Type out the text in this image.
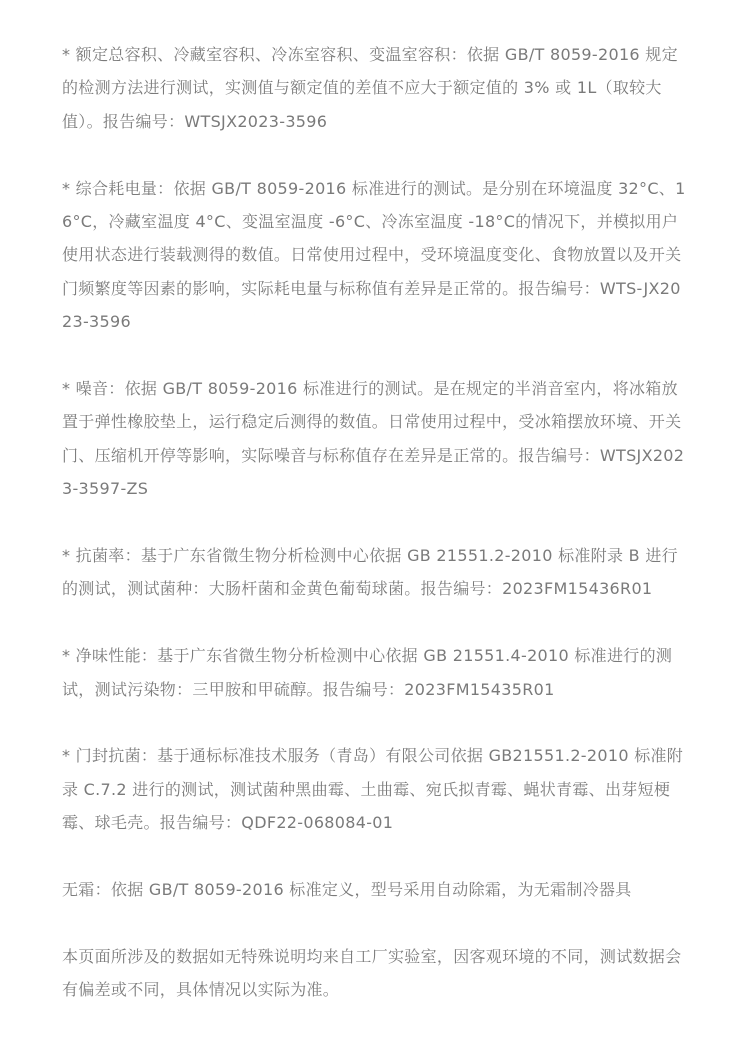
* 额定总容积、冷藏室容积、冷冻室容积、变温室容积：依据 GB/T 8059-2016 规定的检测方法进行测试，实测值与额定值的差值不应大于额定值的 3% 或 1L（取较大值）。报告编号：WTSJX2023-3596

* 综合耗电量：依据 GB/T 8059-2016 标准进行的测试。是分别在环境温度 32°C、16°C，冷藏室温度 4°C、变温室温度 -6°C、冷冻室温度 -18°C的情况下，并模拟用户使用状态进行装载测得的数值。日常使用过程中，受环境温度变化、食物放置以及开关门频繁度等因素的影响，实际耗电量与标称值有差异是正常的。报告编号：WTS-JX2023-3596

* 噪音：依据 GB/T 8059-2016 标准进行的测试。是在规定的半消音室内，将冰箱放置于弹性橡胶垫上，运行稳定后测得的数值。日常使用过程中，受冰箱摆放环境、开关门、压缩机开停等影响，实际噪音与标称值存在差异是正常的。报告编号：WTSJX2023-3597-ZS

* 抗菌率：基于广东省微生物分析检测中心依据 GB 21551.2-2010 标准附录 B 进行的测试，测试菌种：大肠杆菌和金黄色葡萄球菌。报告编号：2023FM15436R01

* 净味性能：基于广东省微生物分析检测中心依据 GB 21551.4-2010 标准进行的测试，测试污染物：三甲胺和甲硫醇。报告编号：2023FM15435R01

* 门封抗菌：基于通标标准技术服务（青岛）有限公司依据 GB21551.2-2010 标准附录 C.7.2 进行的测试，测试菌种黑曲霉、土曲霉、宛氏拟青霉、蝇状青霉、出芽短梗霉、球毛壳。报告编号：QDF22-068084-01

无霜：依据 GB/T 8059-2016 标准定义，型号采用自动除霜，为无霜制冷器具

本页面所涉及的数据如无特殊说明均来自工厂实验室，因客观环境的不同，测试数据会有偏差或不同，具体情况以实际为准。
